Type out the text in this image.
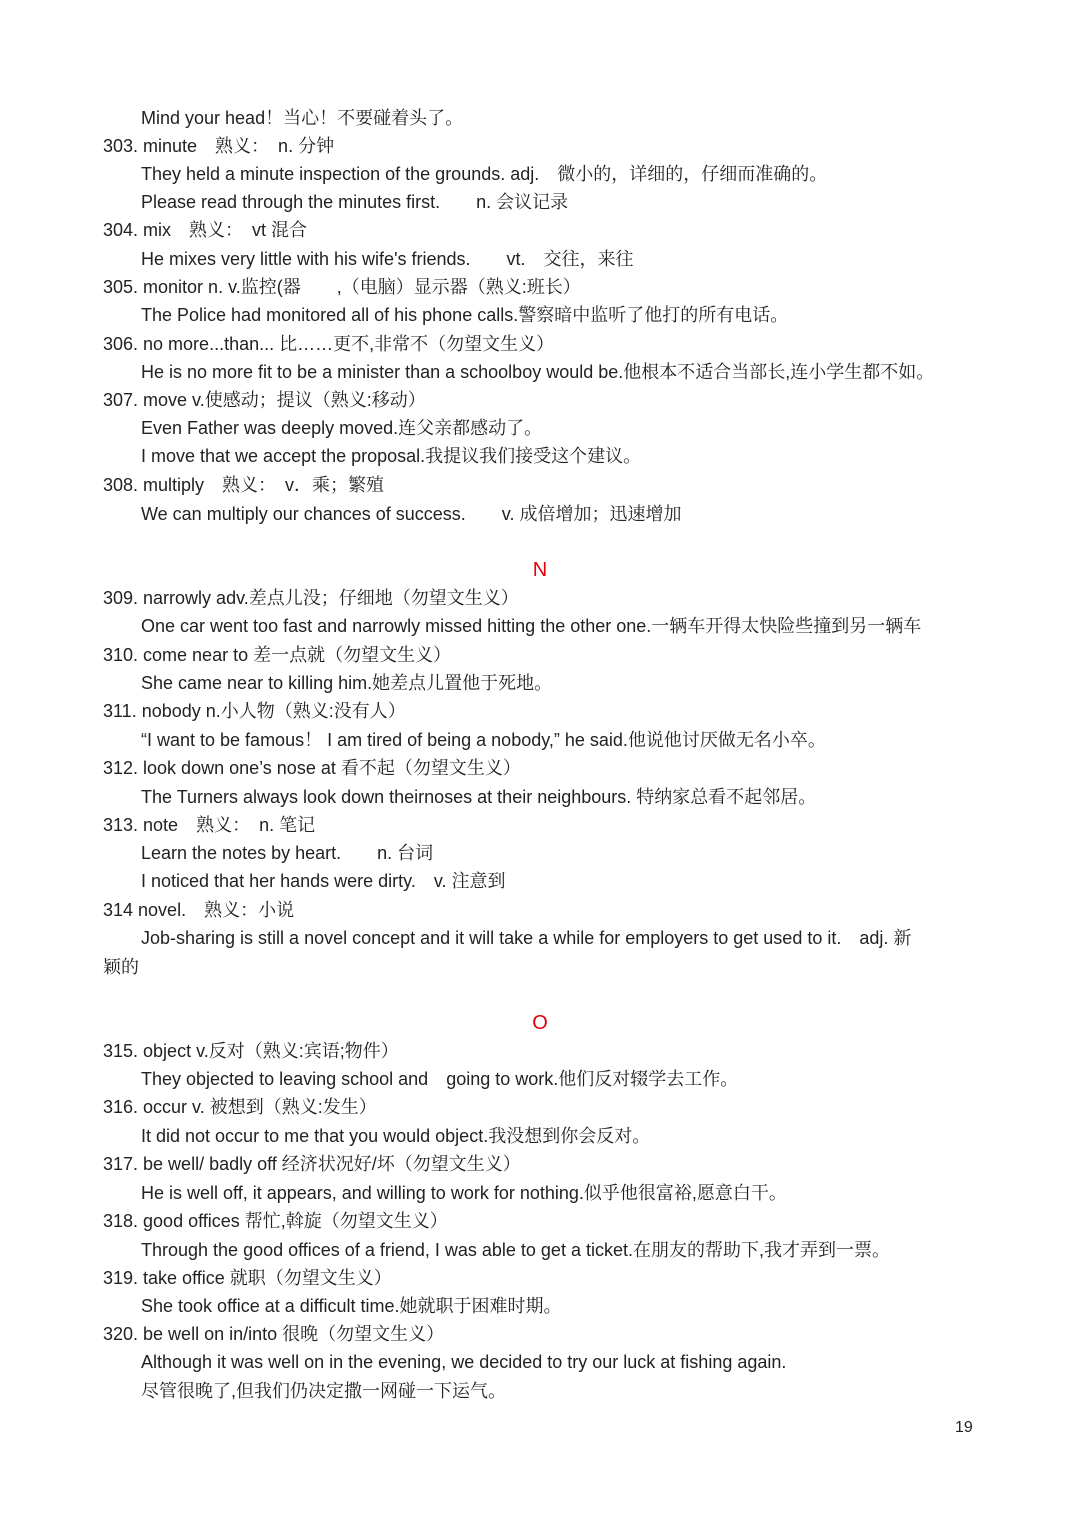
Mind your head！当心！不要碰着头了。
303. minute　熟义：　n. 分钟
They held a minute inspection of the grounds. adj.　微小的，详细的，仔细而准确的。
Please read through the minutes first.　　n. 会议记录
304. mix　熟义：　vt 混合
He mixes very little with his wife's friends.　　vt.　交往，来往
305. monitor n. v.监控(器　　,（电脑）显示器（熟义:班长）
The Police had monitored all of his phone calls.警察暗中监听了他打的所有电话。
306. no more...than... 比……更不,非常不（勿望文生义）
He is no more fit to be a minister than a schoolboy would be.他根本不适合当部长,连小学生都不如。
307. move v.使感动；提议（熟义:移动）
Even Father was deeply moved.连父亲都感动了。
I move that we accept the proposal.我提议我们接受这个建议。
308. multiply　熟义：　v．乘；繁殖
We can multiply our chances of success.　　v. 成倍增加；迅速增加
N
309. narrowly adv.差点儿没；仔细地（勿望文生义）
One car went too fast and narrowly missed hitting the other one.一辆车开得太快险些撞到另一辆车
310. come near to 差一点就（勿望文生义）
She came near to killing him.她差点儿置他于死地。
311. nobody n.小人物（熟义:没有人）
“I want to be famous！ I am tired of being a nobody,” he said.他说他讨厌做无名小卒。
312. look down one’s nose at 看不起（勿望文生义）
The Turners always look down theirnoses at their neighbours. 特纳家总看不起邻居。
313. note　熟义：　n. 笔记
Learn the notes by heart.　　n. 台词
I noticed that her hands were dirty.　v. 注意到
314 novel.　熟义：小说
Job-sharing is still a novel concept and it will take a while for employers to get used to it.　adj. 新
颖的
O
315. object v.反对（熟义:宾语;物件）
They objected to leaving school and　going to work.他们反对辍学去工作。
316. occur v. 被想到（熟义:发生）
It did not occur to me that you would object.我没想到你会反对。
317. be well/ badly off 经济状况好/坏（勿望文生义）
He is well off, it appears, and willing to work for nothing.似乎他很富裕,愿意白干。
318. good offices 帮忙,斡旋（勿望文生义）
Through the good offices of a friend, I was able to get a ticket.在朋友的帮助下,我才弄到一票。
319. take office 就职（勿望文生义）
She took office at a difficult time.她就职于困难时期。
320. be well on in/into 很晚（勿望文生义）
Although it was well on in the evening, we decided to try our luck at fishing again.
尽管很晚了,但我们仍决定撒一网碰一下运气。
19
